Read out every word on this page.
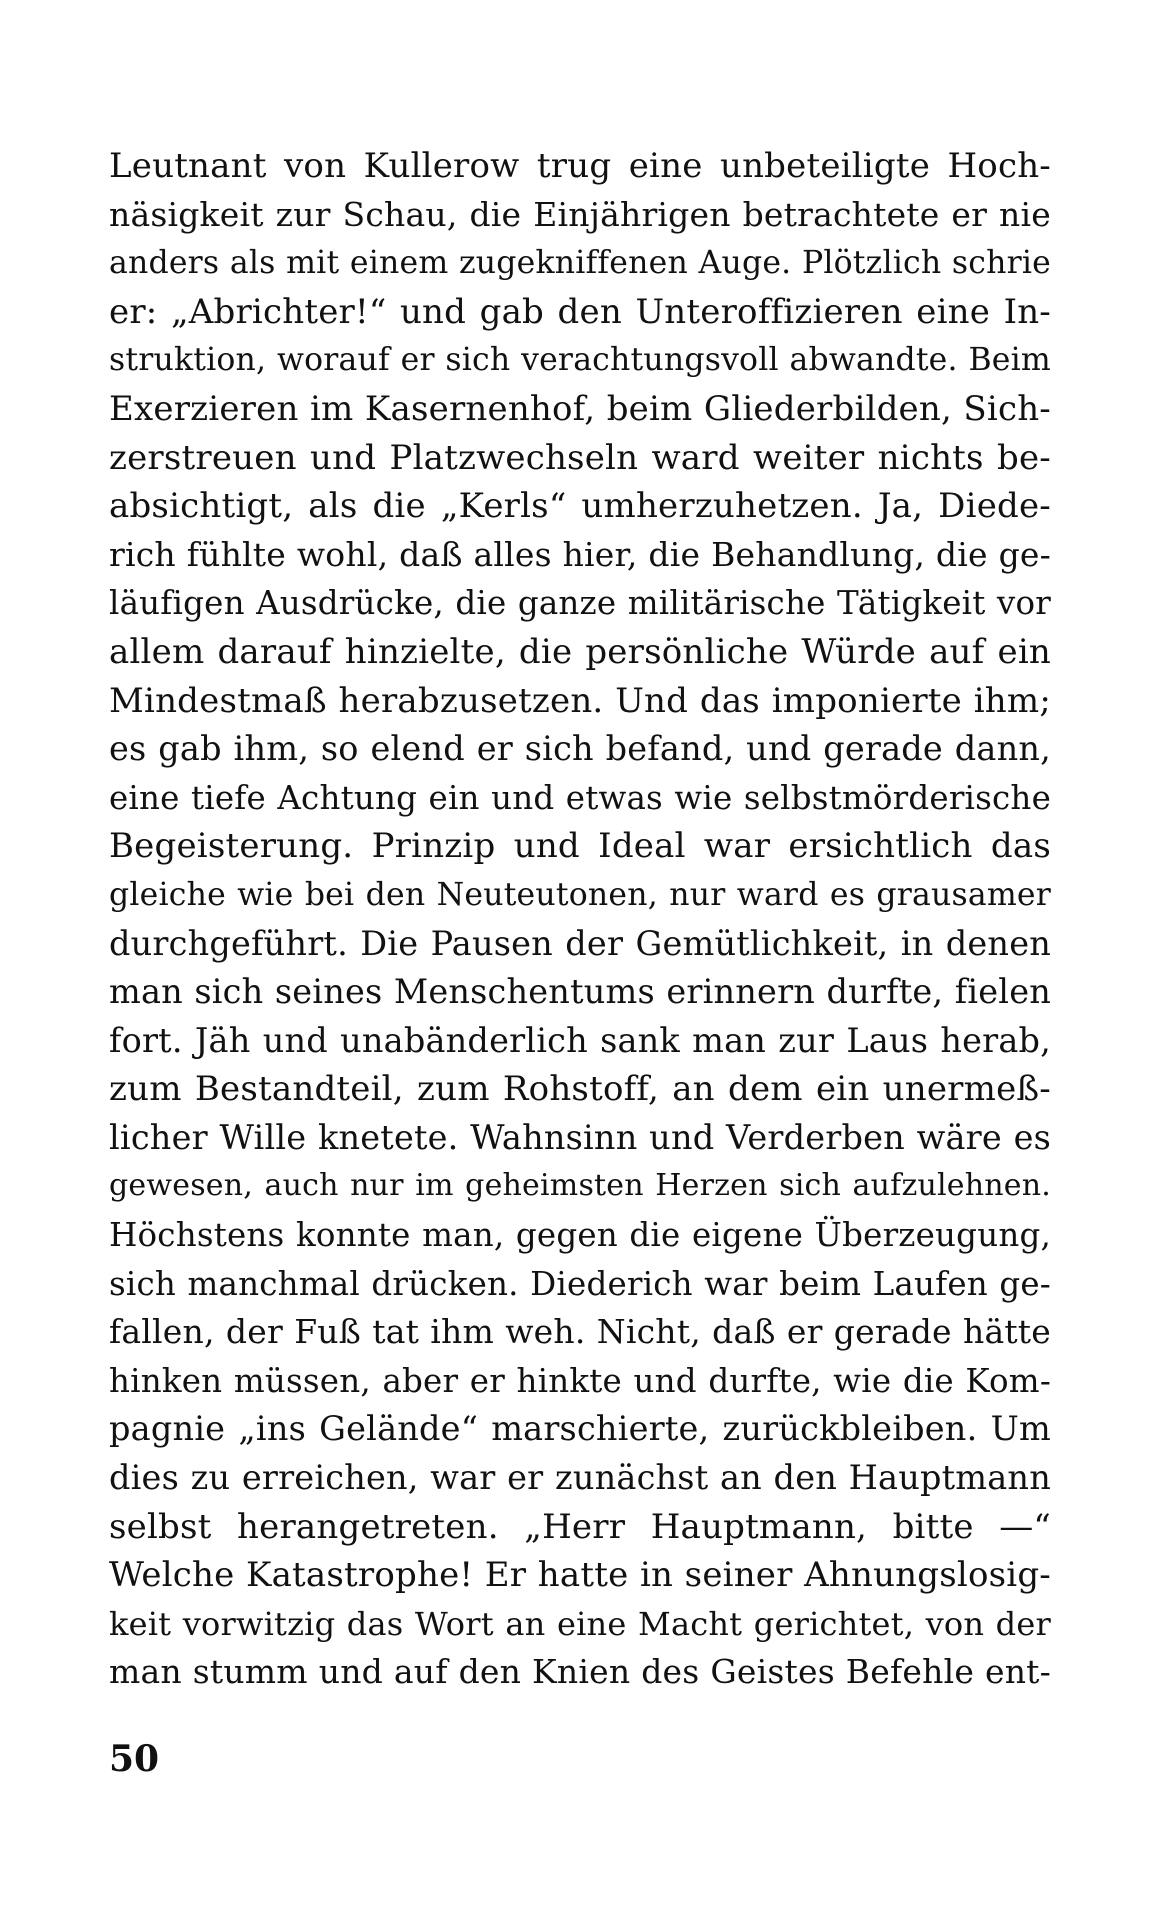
Leutnant von Kullerow trug eine unbeteiligte Hoch-
näsigkeit zur Schau, die Einjährigen betrachtete er nie
anders als mit einem zugekniffenen Auge. Plötzlich schrie
er: „Abrichter!“ und gab den Unteroffizieren eine In-
struktion, worauf er sich verachtungsvoll abwandte. Beim
Exerzieren im Kasernenhof, beim Gliederbilden, Sich-
zerstreuen und Platzwechseln ward weiter nichts be-
absichtigt, als die „Kerls“ umherzuhetzen. Ja, Diede-
rich fühlte wohl, daß alles hier, die Behandlung, die ge-
läufigen Ausdrücke, die ganze militärische Tätigkeit vor
allem darauf hinzielte, die persönliche Würde auf ein
Mindestmaß herabzusetzen. Und das imponierte ihm;
es gab ihm, so elend er sich befand, und gerade dann,
eine tiefe Achtung ein und etwas wie selbstmörderische
Begeisterung. Prinzip und Ideal war ersichtlich das
gleiche wie bei den Neuteutonen, nur ward es grausamer
durchgeführt. Die Pausen der Gemütlichkeit, in denen
man sich seines Menschentums erinnern durfte, fielen
fort. Jäh und unabänderlich sank man zur Laus herab,
zum Bestandteil, zum Rohstoff, an dem ein unermeß-
licher Wille knetete. Wahnsinn und Verderben wäre es
gewesen, auch nur im geheimsten Herzen sich aufzulehnen.
Höchstens konnte man, gegen die eigene Überzeugung,
sich manchmal drücken. Diederich war beim Laufen ge-
fallen, der Fuß tat ihm weh. Nicht, daß er gerade hätte
hinken müssen, aber er hinkte und durfte, wie die Kom-
pagnie „ins Gelände“ marschierte, zurückbleiben. Um
dies zu erreichen, war er zunächst an den Hauptmann
selbst herangetreten. „Herr Hauptmann, bitte —“
Welche Katastrophe! Er hatte in seiner Ahnungslosig-
keit vorwitzig das Wort an eine Macht gerichtet, von der
man stumm und auf den Knien des Geistes Befehle ent-
50
